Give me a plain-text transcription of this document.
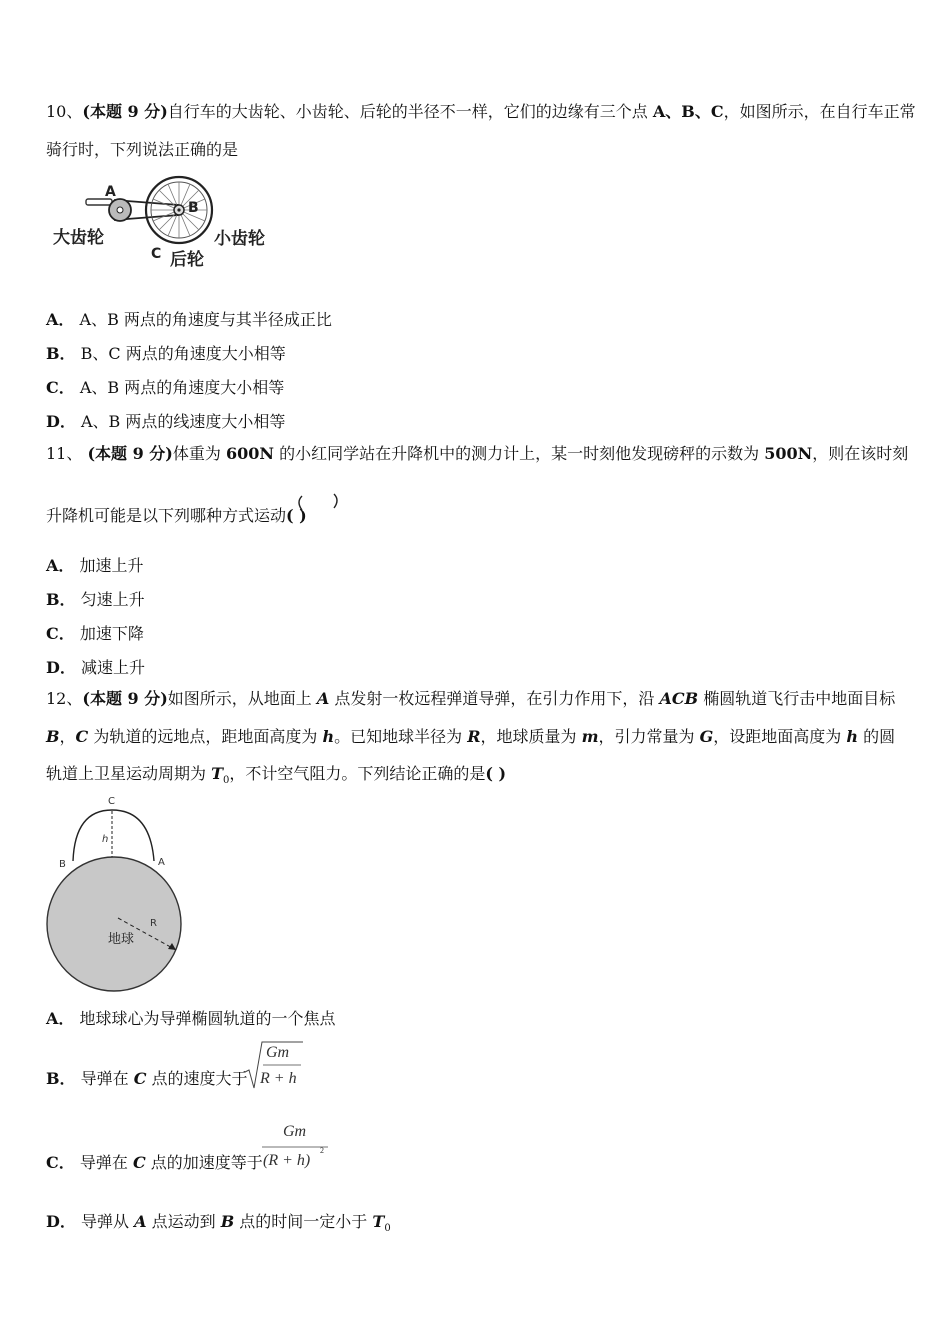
10、(本题 9 分)自行车的大齿轮、小齿轮、后轮的半径不一样，它们的边缘有三个点 A、B、C，如图所示，在自行车正常
骑行时，下列说法正确的是
A
B
C
大齿轮	小齿轮
后轮
A． A、B 两点的角速度与其半径成正比
B． B、C 两点的角速度大小相等
C． A、B 两点的角速度大小相等
D． A、B 两点的线速度大小相等
11、 (本题 9 分)体重为 600N 的小红同学站在升降机中的测力计上，某一时刻他发现磅秤的示数为 500N，则在该时刻
升降机可能是以下列哪种方式运动( )
A． 加速上升
B． 匀速上升
C． 加速下降
D． 减速上升
12、(本题 9 分)如图所示，从地面上 A 点发射一枚远程弹道导弹，在引力作用下，沿 ACB 椭圆轨道飞行击中地面目标
B，C 为轨道的远地点，距地面高度为 h。已知地球半径为 R，地球质量为 m，引力常量为 G，设距地面高度为 h 的圆
轨道上卫星运动周期为 $T_0$，不计空气阻力。下列结论正确的是( )
C
h
B	A
R
地球
A． 地球球心为导弹椭圆轨道的一个焦点
B． 导弹在 C 点的速度大于
Gm
R + h
C． 导弹在 C 点的加速度等于
Gm
(R + h)
2
D． 导弹从 A 点运动到 B 点的时间一定小于 $T_0$
